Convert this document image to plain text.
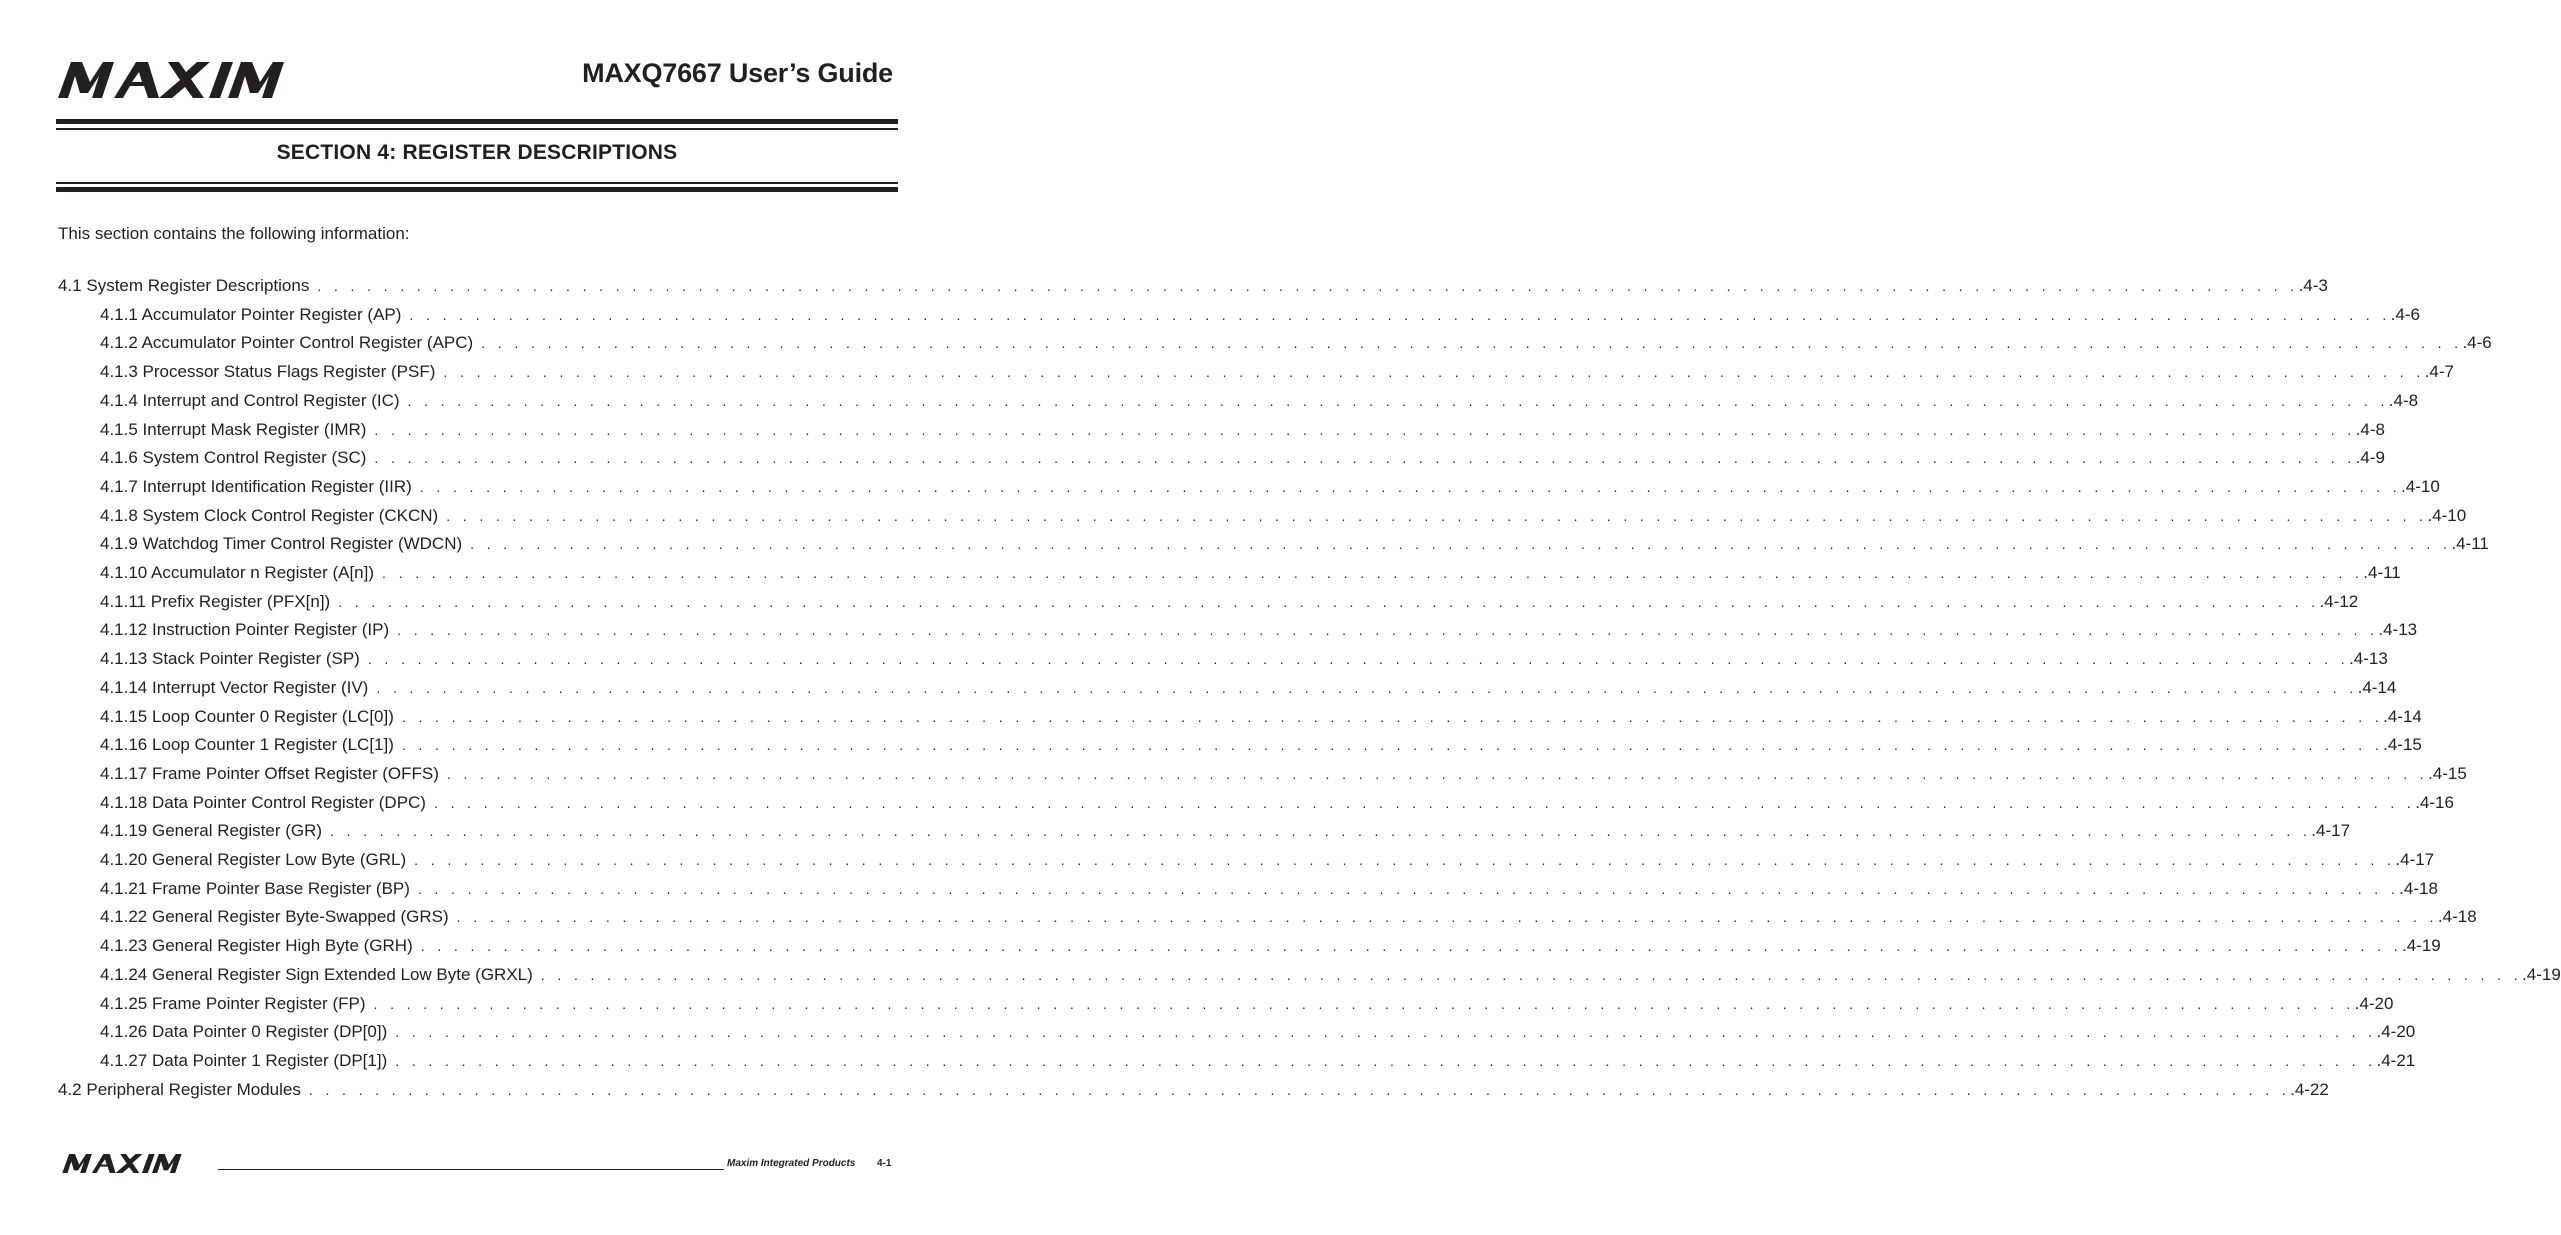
MAXQ7667 User’s Guide
SECTION 4: REGISTER DESCRIPTIONS
This section contains the following information:
4.1 System Register Descriptions . . . . . . . . . . . . . . . . . . . . . . . . . . . . . . . . . . . . . . . . . . . . . . . . . . . . . . . . . . . . . . . . . . . . . . . . . . . . . . . . . . . . . . . . . . . . . . . . . . . . . . . . . . . . . . . . . . . . . . . . .4-3
4.1.1 Accumulator Pointer Register (AP) . . . . . . . . . . . . . . . . . . . . . . . . . . . . . . . . . . . . . . . . . . . . . . . . . . . . . . . . . . . . . . . . . . . . . . . . . . . . . . . . . . . . . . . . . . . . . . . . . . . . . . . . . . . . . . . . . . . . . . . . .4-6
4.1.2 Accumulator Pointer Control Register (APC) . . . . . . . . . . . . . . . . . . . . . . . . . . . . . . . . . . . . . . . . . . . . . . . . . . . . . . . . . . . . . . . . . . . . . . . . . . . . . . . . . . . . . . . . . . . . . . . . . . . . . . . . . . . . . . . . . . . . . . . . .4-6
4.1.3 Processor Status Flags Register (PSF) . . . . . . . . . . . . . . . . . . . . . . . . . . . . . . . . . . . . . . . . . . . . . . . . . . . . . . . . . . . . . . . . . . . . . . . . . . . . . . . . . . . . . . . . . . . . . . . . . . . . . . . . . . . . . . . . . . . . . . . . .4-7
4.1.4 Interrupt and Control Register (IC) . . . . . . . . . . . . . . . . . . . . . . . . . . . . . . . . . . . . . . . . . . . . . . . . . . . . . . . . . . . . . . . . . . . . . . . . . . . . . . . . . . . . . . . . . . . . . . . . . . . . . . . . . . . . . . . . . . . . . . . . .4-8
4.1.5 Interrupt Mask Register (IMR) . . . . . . . . . . . . . . . . . . . . . . . . . . . . . . . . . . . . . . . . . . . . . . . . . . . . . . . . . . . . . . . . . . . . . . . . . . . . . . . . . . . . . . . . . . . . . . . . . . . . . . . . . . . . . . . . . . . . . . . . .4-8
4.1.6 System Control Register (SC) . . . . . . . . . . . . . . . . . . . . . . . . . . . . . . . . . . . . . . . . . . . . . . . . . . . . . . . . . . . . . . . . . . . . . . . . . . . . . . . . . . . . . . . . . . . . . . . . . . . . . . . . . . . . . . . . . . . . . . . . .4-9
4.1.7 Interrupt Identification Register (IIR) . . . . . . . . . . . . . . . . . . . . . . . . . . . . . . . . . . . . . . . . . . . . . . . . . . . . . . . . . . . . . . . . . . . . . . . . . . . . . . . . . . . . . . . . . . . . . . . . . . . . . . . . . . . . . . . . . . . . . . . . .4-10
4.1.8 System Clock Control Register (CKCN) . . . . . . . . . . . . . . . . . . . . . . . . . . . . . . . . . . . . . . . . . . . . . . . . . . . . . . . . . . . . . . . . . . . . . . . . . . . . . . . . . . . . . . . . . . . . . . . . . . . . . . . . . . . . . . . . . . . . . . . . .4-10
4.1.9 Watchdog Timer Control Register (WDCN) . . . . . . . . . . . . . . . . . . . . . . . . . . . . . . . . . . . . . . . . . . . . . . . . . . . . . . . . . . . . . . . . . . . . . . . . . . . . . . . . . . . . . . . . . . . . . . . . . . . . . . . . . . . . . . . . . . . . . . . . .4-11
4.1.10 Accumulator n Register (A[n]) . . . . . . . . . . . . . . . . . . . . . . . . . . . . . . . . . . . . . . . . . . . . . . . . . . . . . . . . . . . . . . . . . . . . . . . . . . . . . . . . . . . . . . . . . . . . . . . . . . . . . . . . . . . . . . . . . . . . . . . . .4-11
4.1.11 Prefix Register (PFX[n]) . . . . . . . . . . . . . . . . . . . . . . . . . . . . . . . . . . . . . . . . . . . . . . . . . . . . . . . . . . . . . . . . . . . . . . . . . . . . . . . . . . . . . . . . . . . . . . . . . . . . . . . . . . . . . . . . . . . . . . . . .4-12
4.1.12 Instruction Pointer Register (IP) . . . . . . . . . . . . . . . . . . . . . . . . . . . . . . . . . . . . . . . . . . . . . . . . . . . . . . . . . . . . . . . . . . . . . . . . . . . . . . . . . . . . . . . . . . . . . . . . . . . . . . . . . . . . . . . . . . . . . . . . .4-13
4.1.13 Stack Pointer Register (SP) . . . . . . . . . . . . . . . . . . . . . . . . . . . . . . . . . . . . . . . . . . . . . . . . . . . . . . . . . . . . . . . . . . . . . . . . . . . . . . . . . . . . . . . . . . . . . . . . . . . . . . . . . . . . . . . . . . . . . . . . .4-13
4.1.14 Interrupt Vector Register (IV) . . . . . . . . . . . . . . . . . . . . . . . . . . . . . . . . . . . . . . . . . . . . . . . . . . . . . . . . . . . . . . . . . . . . . . . . . . . . . . . . . . . . . . . . . . . . . . . . . . . . . . . . . . . . . . . . . . . . . . . . .4-14
4.1.15 Loop Counter 0 Register (LC[0]) . . . . . . . . . . . . . . . . . . . . . . . . . . . . . . . . . . . . . . . . . . . . . . . . . . . . . . . . . . . . . . . . . . . . . . . . . . . . . . . . . . . . . . . . . . . . . . . . . . . . . . . . . . . . . . . . . . . . . . . . .4-14
4.1.16 Loop Counter 1 Register (LC[1]) . . . . . . . . . . . . . . . . . . . . . . . . . . . . . . . . . . . . . . . . . . . . . . . . . . . . . . . . . . . . . . . . . . . . . . . . . . . . . . . . . . . . . . . . . . . . . . . . . . . . . . . . . . . . . . . . . . . . . . . . .4-15
4.1.17 Frame Pointer Offset Register (OFFS) . . . . . . . . . . . . . . . . . . . . . . . . . . . . . . . . . . . . . . . . . . . . . . . . . . . . . . . . . . . . . . . . . . . . . . . . . . . . . . . . . . . . . . . . . . . . . . . . . . . . . . . . . . . . . . . . . . . . . . . . .4-15
4.1.18 Data Pointer Control Register (DPC) . . . . . . . . . . . . . . . . . . . . . . . . . . . . . . . . . . . . . . . . . . . . . . . . . . . . . . . . . . . . . . . . . . . . . . . . . . . . . . . . . . . . . . . . . . . . . . . . . . . . . . . . . . . . . . . . . . . . . . . . .4-16
4.1.19 General Register (GR) . . . . . . . . . . . . . . . . . . . . . . . . . . . . . . . . . . . . . . . . . . . . . . . . . . . . . . . . . . . . . . . . . . . . . . . . . . . . . . . . . . . . . . . . . . . . . . . . . . . . . . . . . . . . . . . . . . . . . . . . .4-17
4.1.20 General Register Low Byte (GRL) . . . . . . . . . . . . . . . . . . . . . . . . . . . . . . . . . . . . . . . . . . . . . . . . . . . . . . . . . . . . . . . . . . . . . . . . . . . . . . . . . . . . . . . . . . . . . . . . . . . . . . . . . . . . . . . . . . . . . . . . .4-17
4.1.21 Frame Pointer Base Register (BP) . . . . . . . . . . . . . . . . . . . . . . . . . . . . . . . . . . . . . . . . . . . . . . . . . . . . . . . . . . . . . . . . . . . . . . . . . . . . . . . . . . . . . . . . . . . . . . . . . . . . . . . . . . . . . . . . . . . . . . . . .4-18
4.1.22 General Register Byte-Swapped (GRS) . . . . . . . . . . . . . . . . . . . . . . . . . . . . . . . . . . . . . . . . . . . . . . . . . . . . . . . . . . . . . . . . . . . . . . . . . . . . . . . . . . . . . . . . . . . . . . . . . . . . . . . . . . . . . . . . . . . . . . . . .4-18
4.1.23 General Register High Byte (GRH) . . . . . . . . . . . . . . . . . . . . . . . . . . . . . . . . . . . . . . . . . . . . . . . . . . . . . . . . . . . . . . . . . . . . . . . . . . . . . . . . . . . . . . . . . . . . . . . . . . . . . . . . . . . . . . . . . . . . . . . . .4-19
4.1.24 General Register Sign Extended Low Byte (GRXL) . . . . . . . . . . . . . . . . . . . . . . . . . . . . . . . . . . . . . . . . . . . . . . . . . . . . . . . . . . . . . . . . . . . . . . . . . . . . . . . . . . . . . . . . . . . . . . . . . . . . . . . . . . . . . . . . . . . . . . . . .4-19
4.1.25 Frame Pointer Register (FP) . . . . . . . . . . . . . . . . . . . . . . . . . . . . . . . . . . . . . . . . . . . . . . . . . . . . . . . . . . . . . . . . . . . . . . . . . . . . . . . . . . . . . . . . . . . . . . . . . . . . . . . . . . . . . . . . . . . . . . . . .4-20
4.1.26 Data Pointer 0 Register (DP[0]) . . . . . . . . . . . . . . . . . . . . . . . . . . . . . . . . . . . . . . . . . . . . . . . . . . . . . . . . . . . . . . . . . . . . . . . . . . . . . . . . . . . . . . . . . . . . . . . . . . . . . . . . . . . . . . . . . . . . . . . . .4-20
4.1.27 Data Pointer 1 Register (DP[1]) . . . . . . . . . . . . . . . . . . . . . . . . . . . . . . . . . . . . . . . . . . . . . . . . . . . . . . . . . . . . . . . . . . . . . . . . . . . . . . . . . . . . . . . . . . . . . . . . . . . . . . . . . . . . . . . . . . . . . . . . .4-21
4.2 Peripheral Register Modules . . . . . . . . . . . . . . . . . . . . . . . . . . . . . . . . . . . . . . . . . . . . . . . . . . . . . . . . . . . . . . . . . . . . . . . . . . . . . . . . . . . . . . . . . . . . . . . . . . . . . . . . . . . . . . . . . . . . . . . . .4-22
Maxim Integrated Products 4-1
